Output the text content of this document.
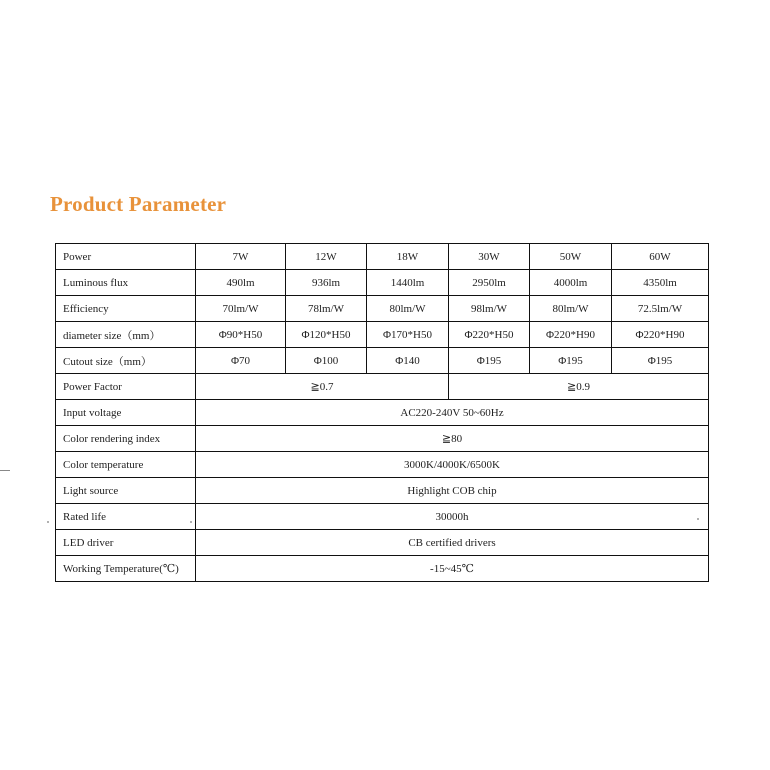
Product Parameter
Power	7W	12W	18W	30W	50W	60W
Luminous flux	490lm	936lm	1440lm	2950lm	4000lm	4350lm
Efficiency	70lm/W	78lm/W	80lm/W	98lm/W	80lm/W	72.5lm/W
diameter size（mm）	Φ90*H50	Φ120*H50	Φ170*H50	Φ220*H50	Φ220*H90	Φ220*H90
Cutout size（mm）	Φ70	Φ100	Φ140	Φ195	Φ195	Φ195
Power Factor	≧0.7			≧0.9		
Input voltage	AC220-240V 50~60Hz					
Color rendering index	≧80					
Color temperature	3000K/4000K/6500K					
Light source	Highlight COB chip					
Rated life	30000h					
LED driver	CB certified drivers					
Working Temperature(℃)	-15~45℃					
